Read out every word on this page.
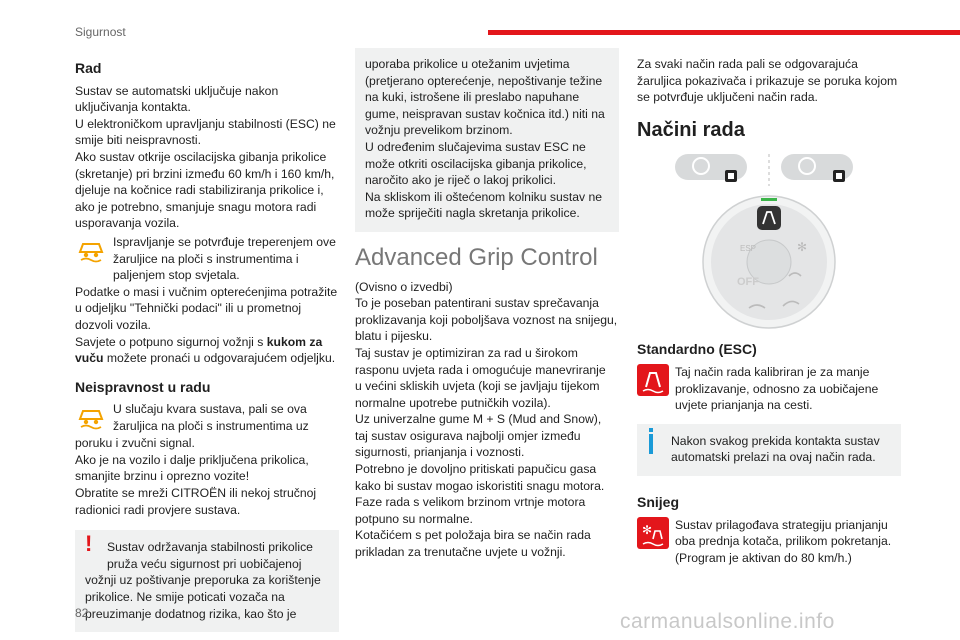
Sigurnost
Rad

Sustav se automatski uključuje nakon

uključivanja kontakta.

U elektroničkom upravljanju stabilnosti (ESC) ne

smije biti neispravnosti.

Ako sustav otkrije oscilacijska gibanja prikolice

(skretanje) pri brzini između 60 km/h i 160 km/h,

djeluje na kočnice radi stabiliziranja prikolice i,

ako je potrebno, smanjuje snagu motora radi

usporavanja vozila.

Ispravljanje se potvrđuje treperenjem ove

žaruljice na ploči s instrumentima i

paljenjem stop svjetala.

Podatke o masi i vučnim opterećenjima potražite

u odjeljku "Tehnički podaci" ili u prometnoj

dozvoli vozila.

Savjete o potpuno sigurnoj vožnji s kukom za
vuču možete pronaći u odgovarajućem odjeljku.

Neispravnost u radu

U slučaju kvara sustava, pali se ova

žaruljica na ploči s instrumentima uz

poruku i zvučni signal.

Ako je na vozilo i dalje priključena prikolica,

smanjite brzinu i oprezno vozite!

Obratite se mreži CITROËN ili nekoj stručnoj

radionici radi provjere sustava.

!	Sustav održavanja stabilnosti prikolice

pruža veću sigurnost pri uobičajenoj

vožnji uz poštivanje preporuka za korištenje

prikolice. Ne smije poticati vozača na

preuzimanje dodatnog rizika, kao što je

uporaba prikolice u otežanim uvjetima

(pretjerano opterećenje, nepoštivanje težine

na kuki, istrošene ili preslabo napuhane

gume, neispravan sustav kočnica itd.) niti na

vožnju prevelikom brzinom.

U određenim slučajevima sustav ESC ne

može otkriti oscilacijska gibanja prikolice,

naročito ako je riječ o lakoj prikolici.

Na skliskom ili oštećenom kolniku sustav ne

može spriječiti nagla skretanja prikolice.

Advanced Grip Control

(Ovisno o izvedbi)

To je poseban patentirani sustav sprečavanja

proklizavanja koji poboljšava voznost na snijegu,

blatu i pijesku.

Taj sustav je optimiziran za rad u širokom

rasponu uvjeta rada i omogućuje manevriranje

u većini skliskih uvjeta (koji se javljaju tijekom

normalne upotrebe putničkih vozila).

Uz univerzalne gume M + S (Mud and Snow),

taj sustav osigurava najbolji omjer između

sigurnosti, prianjanja i voznosti.

Potrebno je dovoljno pritiskati papučicu gasa

kako bi sustav mogao iskoristiti snagu motora.

Faze rada s velikom brzinom vrtnje motora

potpuno su normalne.

Kotačićem s pet položaja bira se način rada

prikladan za trenutačne uvjete u vožnji.

Za svaki način rada pali se odgovarajuća

žaruljica pokazivača i prikazuje se poruka kojom

se potvrđuje uključeni način rada.

Načini rada
ESP	✻
OFF
Standardno (ESC)

Taj način rada kalibriran je za manje

proklizavanje, odnosno za uobičajene

uvjete prianjanja na cesti.

Nakon svakog prekida kontakta sustav

automatski prelazi na ovaj način rada.

Snijeg
✻	Sustav prilagođava strategiju prianjanju

oba prednja kotača, prilikom pokretanja.

(Program je aktivan do 80 km/h.)

82	carmanualsonline.info
